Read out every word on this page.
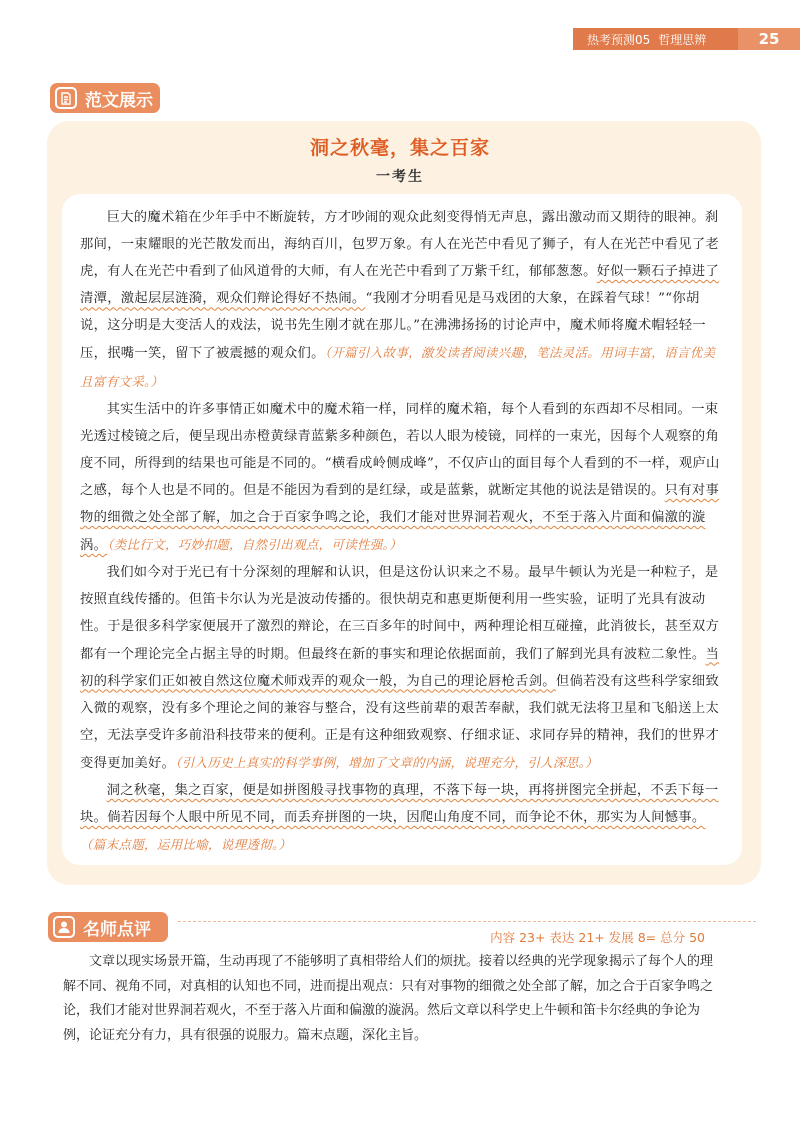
热考预测05 哲理思辨	25
范文展示
洞之秋毫，集之百家
一考生

巨大的魔术箱在少年手中不断旋转，方才吵闹的观众此刻变得悄无声息，露出激动而又期待的眼神。刹那间，一束耀眼的光芒散发而出，海纳百川，包罗万象。有人在光芒中看见了狮子，有人在光芒中看见了老虎，有人在光芒中看到了仙风道骨的大师，有人在光芒中看到了万紫千红，郁郁葱葱。好似一颗石子掉进了清潭，激起层层涟漪，观众们辩论得好不热闹。“我刚才分明看见是马戏团的大象，在踩着气球！”“你胡说，这分明是大变活人的戏法，说书先生刚才就在那儿。”在沸沸扬扬的讨论声中，魔术师将魔术帽轻轻一压，抿嘴一笑，留下了被震撼的观众们。（开篇引入故事，激发读者阅读兴趣，笔法灵活。用词丰富，语言优美且富有文采。）

其实生活中的许多事情正如魔术中的魔术箱一样，同样的魔术箱，每个人看到的东西却不尽相同。一束光透过棱镜之后，便呈现出赤橙黄绿青蓝紫多种颜色，若以人眼为棱镜，同样的一束光，因每个人观察的角度不同，所得到的结果也可能是不同的。“横看成岭侧成峰”，不仅庐山的面目每个人看到的不一样，观庐山之感，每个人也是不同的。但是不能因为看到的是红绿，或是蓝紫，就断定其他的说法是错误的。只有对事物的细微之处全部了解，加之合于百家争鸣之论，我们才能对世界洞若观火，不至于落入片面和偏激的漩涡。（类比行文，巧妙扣题，自然引出观点，可读性强。）

我们如今对于光已有十分深刻的理解和认识，但是这份认识来之不易。最早牛顿认为光是一种粒子，是按照直线传播的。但笛卡尔认为光是波动传播的。很快胡克和惠更斯便利用一些实验，证明了光具有波动性。于是很多科学家便展开了激烈的辩论，在三百多年的时间中，两种理论相互碰撞，此消彼长，甚至双方都有一个理论完全占据主导的时期。但最终在新的事实和理论依据面前，我们了解到光具有波粒二象性。当初的科学家们正如被自然这位魔术师戏弄的观众一般，为自己的理论唇枪舌剑。但倘若没有这些科学家细致入微的观察，没有多个理论之间的兼容与整合，没有这些前辈的艰苦奉献，我们就无法将卫星和飞船送上太空，无法享受许多前沿科技带来的便利。正是有这种细致观察、仔细求证、求同存异的精神，我们的世界才变得更加美好。（引入历史上真实的科学事例，增加了文章的内涵，说理充分，引人深思。）

洞之秋毫，集之百家，便是如拼图般寻找事物的真理，不落下每一块，再将拼图完全拼起，不丢下每一块。倘若因每个人眼中所见不同，而丢弃拼图的一块，因爬山角度不同，而争论不休，那实为人间憾事。（篇末点题，运用比喻，说理透彻。）

名师点评	内容 23+ 表达 21+ 发展 8= 总分 50

文章以现实场景开篇，生动再现了不能够明了真相带给人们的烦扰。接着以经典的光学现象揭示了每个人的理解不同、视角不同，对真相的认知也不同，进而提出观点：只有对事物的细微之处全部了解，加之合于百家争鸣之论，我们才能对世界洞若观火，不至于落入片面和偏激的漩涡。然后文章以科学史上牛顿和笛卡尔经典的争论为例，论证充分有力，具有很强的说服力。篇末点题，深化主旨。
